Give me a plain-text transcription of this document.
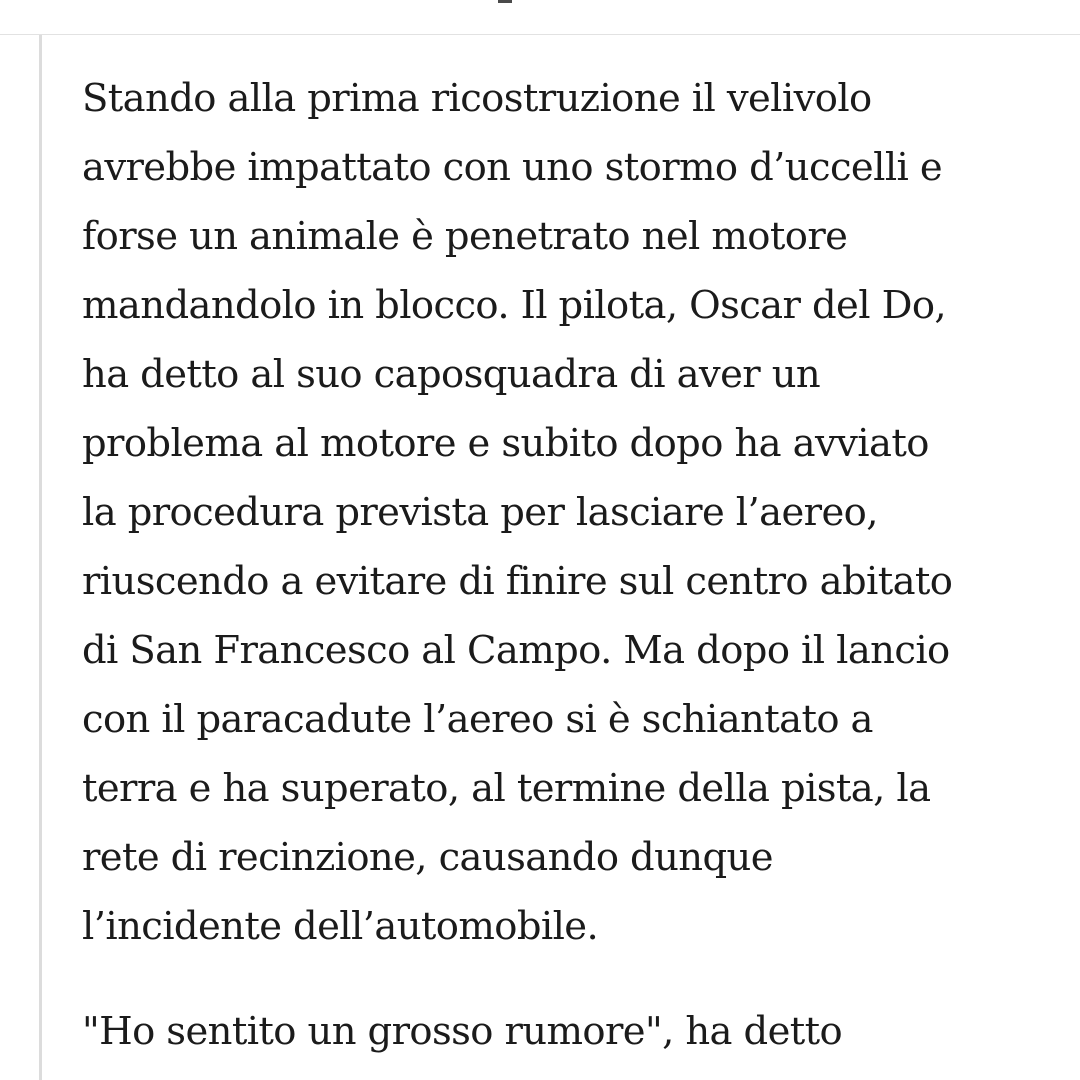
Stando alla prima ricostruzione il velivolo
avrebbe impattato con uno stormo d’uccelli e
forse un animale è penetrato nel motore
mandandolo in blocco. Il pilota, Oscar del Do,
ha detto al suo caposquadra di aver un
problema al motore e subito dopo ha avviato
la procedura prevista per lasciare l’aereo,
riuscendo a evitare di finire sul centro abitato
di San Francesco al Campo. Ma dopo il lancio
con il paracadute l’aereo si è schiantato a
terra e ha superato, al termine della pista, la
rete di recinzione, causando dunque
l’incidente dell’automobile.
"Ho sentito un grosso rumore", ha detto
